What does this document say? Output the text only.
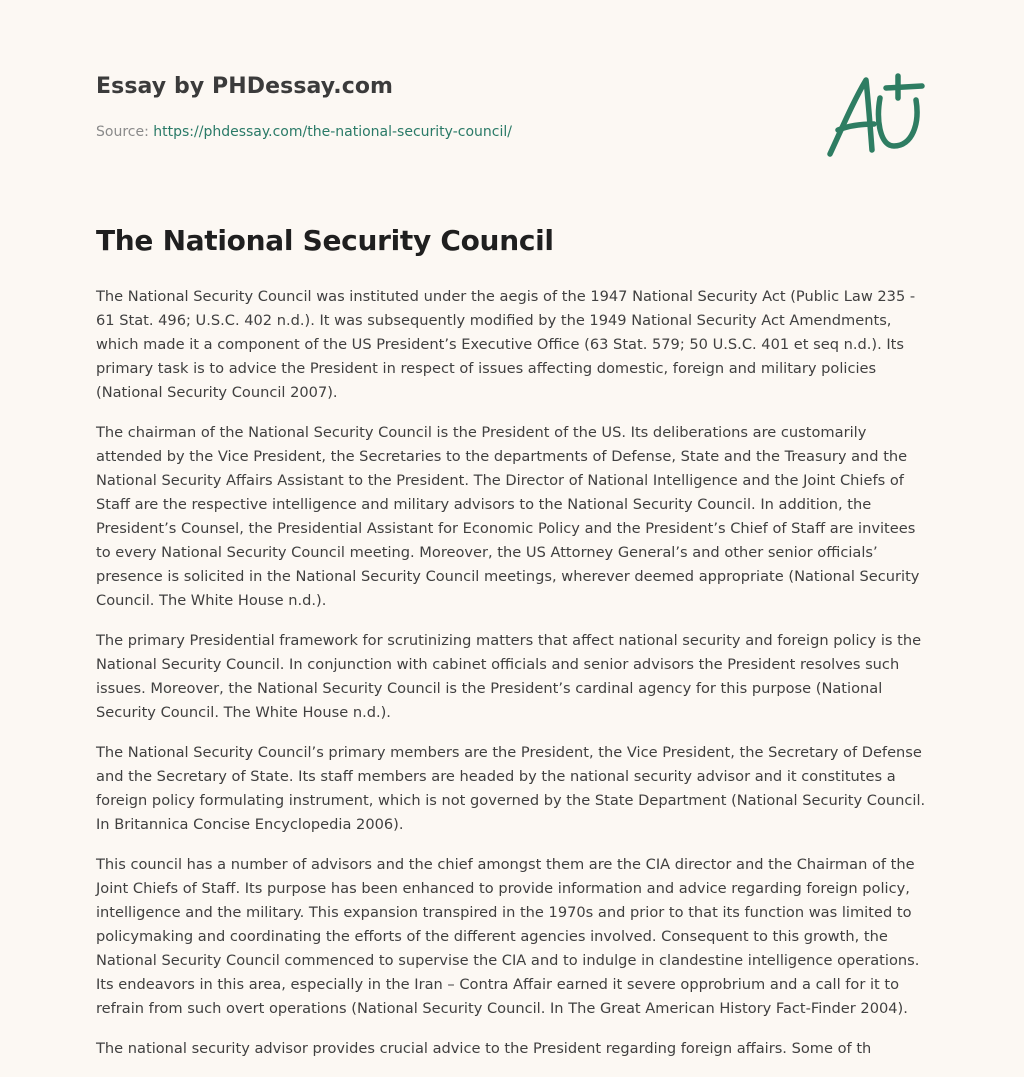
Essay by PHDessay.com
Source: https://phdessay.com/the-national-security-council/
The National Security Council

The National Security Council was instituted under the aegis of the 1947 National Security Act (Public Law 235 - 61 Stat. 496; U.S.C. 402 n.d.). It was subsequently modified by the 1949 National Security Act Amendments, which made it a component of the US President’s Executive Office (63 Stat. 579; 50 U.S.C. 401 et seq n.d.). Its primary task is to advice the President in respect of issues affecting domestic, foreign and military policies (National Security Council 2007).

The chairman of the National Security Council is the President of the US. Its deliberations are customarily attended by the Vice President, the Secretaries to the departments of Defense, State and the Treasury and the National Security Affairs Assistant to the President. The Director of National Intelligence and the Joint Chiefs of Staff are the respective intelligence and military advisors to the National Security Council. In addition, the President’s Counsel, the Presidential Assistant for Economic Policy and the President’s Chief of Staff are invitees to every National Security Council meeting. Moreover, the US Attorney General’s and other senior officials’ presence is solicited in the National Security Council meetings, wherever deemed appropriate (National Security Council. The White House n.d.).

The primary Presidential framework for scrutinizing matters that affect national security and foreign policy is the National Security Council. In conjunction with cabinet officials and senior advisors the President resolves such issues. Moreover, the National Security Council is the President’s cardinal agency for this purpose (National Security Council. The White House n.d.).

The National Security Council’s primary members are the President, the Vice President, the Secretary of Defense and the Secretary of State. Its staff members are headed by the national security advisor and it constitutes a foreign policy formulating instrument, which is not governed by the State Department (National Security Council. In Britannica Concise Encyclopedia 2006).

This council has a number of advisors and the chief amongst them are the CIA director and the Chairman of the Joint Chiefs of Staff. Its purpose has been enhanced to provide information and advice regarding foreign policy, intelligence and the military. This expansion transpired in the 1970s and prior to that its function was limited to policymaking and coordinating the efforts of the different agencies involved. Consequent to this growth, the National Security Council commenced to supervise the CIA and to indulge in clandestine intelligence operations. Its endeavors in this area, especially in the Iran – Contra Affair earned it severe opprobrium and a call for it to refrain from such overt operations (National Security Council. In The Great American History Fact-Finder 2004).

The national security advisor provides crucial advice to the President regarding foreign affairs. Some of th
